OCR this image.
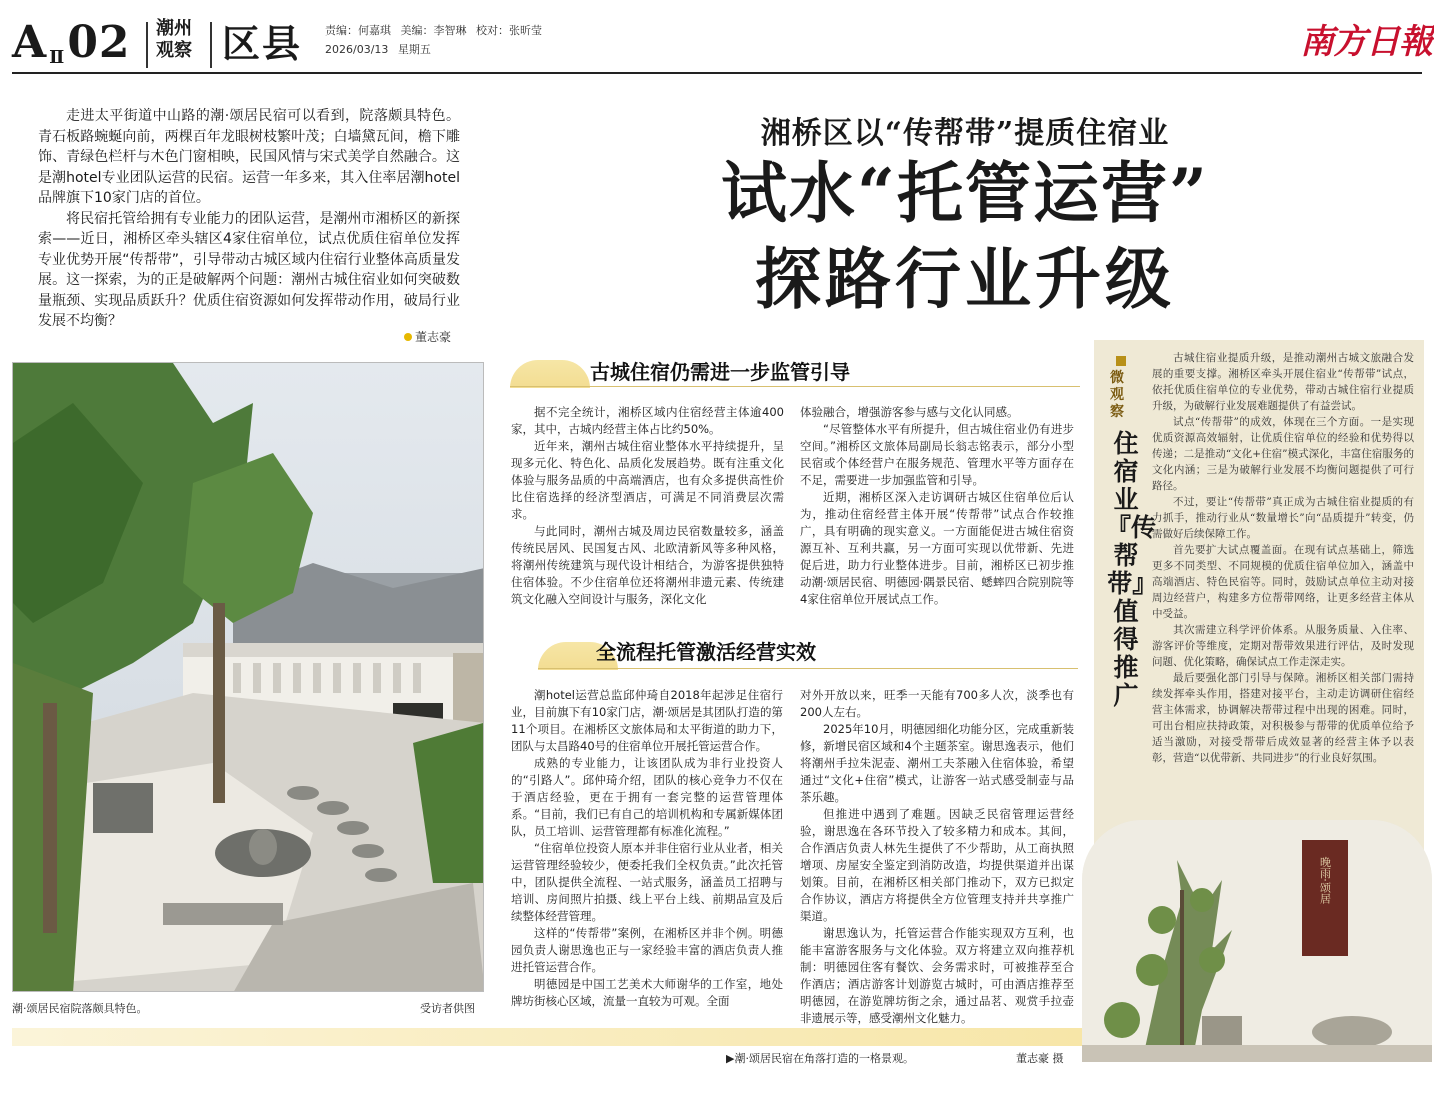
A $_Ⅱ$02 潮州
观察 区县 责编：何嘉琪 美编：李智琳 校对：张昕莹
2026/03/13 星期五	南方日報

走进太平街道中山路的潮·颂居民宿可以看到，院落颇具特色。青石板路蜿蜒向前，两棵百年龙眼树枝繁叶茂；白墙黛瓦间，檐下雕饰、青绿色栏杆与木色门窗相映，民国风情与宋式美学自然融合。这是潮hotel专业团队运营的民宿。运营一年多来，其入住率居潮hotel品牌旗下10家门店的首位。

将民宿托管给拥有专业能力的团队运营，是潮州市湘桥区的新探索——近日，湘桥区牵头辖区4家住宿单位，试点优质住宿单位发挥专业优势开展“传帮带”，引导带动古城区域内住宿行业整体高质量发展。这一探索，为的正是破解两个问题：潮州古城住宿业如何突破数量瓶颈、实现品质跃升？优质住宿资源如何发挥带动作用，破局行业发展不均衡？

董志豪
湘桥区以“传帮带”提质住宿业
试水“托管运营”
探路行业升级
潮·颂居民宿院落颇具特色。	受访者供图
古城住宿仍需进一步监管引导

据不完全统计，湘桥区域内住宿经营主体逾400家，其中，古城内经营主体占比约50%。

近年来，潮州古城住宿业整体水平持续提升，呈现多元化、特色化、品质化发展趋势。既有注重文化体验与服务品质的中高端酒店，也有众多提供高性价比住宿选择的经济型酒店，可满足不同消费层次需求。

与此同时，潮州古城及周边民宿数量较多，涵盖传统民居风、民国复古风、北欧清新风等多种风格，将潮州传统建筑与现代设计相结合，为游客提供独特住宿体验。不少住宿单位还将潮州非遗元素、传统建筑文化融入空间设计与服务，深化文化

体验融合，增强游客参与感与文化认同感。

“尽管整体水平有所提升，但古城住宿业仍有进步空间。”湘桥区文旅体局副局长翁志铭表示，部分小型民宿或个体经营户在服务规范、管理水平等方面存在不足，需要进一步加强监管和引导。

近期，湘桥区深入走访调研古城区住宿单位后认为，推动住宿经营主体开展“传帮带”试点合作较推广，具有明确的现实意义。一方面能促进古城住宿资源互补、互利共赢，另一方面可实现以优带新、先进促后进，助力行业整体进步。目前，湘桥区已初步推动潮·颂居民宿、明德园·隅景民宿、蟋蟀四合院别院等4家住宿单位开展试点工作。

全流程托管激活经营实效

潮hotel运营总监邱仲琦自2018年起涉足住宿行业，目前旗下有10家门店，潮·颂居是其团队打造的第11个项目。在湘桥区文旅体局和太平街道的助力下，团队与太昌路40号的住宿单位开展托管运营合作。

成熟的专业能力，让该团队成为非行业投资人的“引路人”。邱仲琦介绍，团队的核心竞争力不仅在于酒店经验，更在于拥有一套完整的运营管理体系。“目前，我们已有自己的培训机构和专属新媒体团队，员工培训、运营管理都有标准化流程。”

“住宿单位投资人原本并非住宿行业从业者，相关运营管理经验较少，便委托我们全权负责。”此次托管中，团队提供全流程、一站式服务，涵盖员工招聘与培训、房间照片拍摄、线上平台上线、前期品宣及后续整体经营管理。

这样的“传帮带”案例，在湘桥区并非个例。明德园负责人谢思逸也正与一家经验丰富的酒店负责人推进托管运营合作。

明德园是中国工艺美术大师谢华的工作室，地处牌坊街核心区域，流量一直较为可观。全面

对外开放以来，旺季一天能有700多人次，淡季也有200人左右。

2025年10月，明德园细化功能分区，完成重新装修，新增民宿区域和4个主题茶室。谢思逸表示，他们将潮州手拉朱泥壶、潮州工夫茶融入住宿体验，希望通过“文化+住宿”模式，让游客一站式感受制壶与品茶乐趣。

但推进中遇到了难题。因缺乏民宿管理运营经验，谢思逸在各环节投入了较多精力和成本。其间，合作酒店负责人林先生提供了不少帮助，从工商执照增项、房屋安全鉴定到消防改造，均提供渠道并出谋划策。目前，在湘桥区相关部门推动下，双方已拟定合作协议，酒店方将提供全方位管理支持并共享推广渠道。

谢思逸认为，托管运营合作能实现双方互利，也能丰富游客服务与文化体验。双方将建立双向推荐机制：明德园住客有餐饮、会务需求时，可被推荐至合作酒店；酒店游客计划游览古城时，可由酒店推荐至明德园，在游览牌坊街之余，通过品茗、观赏手拉壶非遗展示等，感受潮州文化魅力。

微观察
住宿业『传帮带』值得推广

古城住宿业提质升级，是推动潮州古城文旅融合发展的重要支撑。湘桥区牵头开展住宿业“传帮带”试点，依托优质住宿单位的专业优势，带动古城住宿行业提质升级，为破解行业发展难题提供了有益尝试。

试点“传帮带”的成效，体现在三个方面。一是实现优质资源高效辐射，让优质住宿单位的经验和优势得以传递；二是推动“文化+住宿”模式深化，丰富住宿服务的文化内涵；三是为破解行业发展不均衡问题提供了可行路径。

不过，要让“传帮带”真正成为古城住宿业提质的有力抓手，推动行业从“数量增长”向“品质提升”转变，仍需做好后续保障工作。

首先要扩大试点覆盖面。在现有试点基础上，筛选更多不同类型、不同规模的优质住宿单位加入，涵盖中高端酒店、特色民宿等。同时，鼓励试点单位主动对接周边经营户，构建多方位帮带网络，让更多经营主体从中受益。

其次需建立科学评价体系。从服务质量、入住率、游客评价等维度，定期对帮带效果进行评估，及时发现问题、优化策略，确保试点工作走深走实。

最后要强化部门引导与保障。湘桥区相关部门需持续发挥牵头作用，搭建对接平台，主动走访调研住宿经营主体需求，协调解决帮带过程中出现的困难。同时，可出台相应扶持政策，对积极参与帮带的优质单位给予适当激励，对接受帮带后成效显著的经营主体予以表彰，营造“以优带新、共同进步”的行业良好氛围。

晚雨·颂居
▶潮·颂居民宿在角落打造的一格景观。	董志豪 摄
